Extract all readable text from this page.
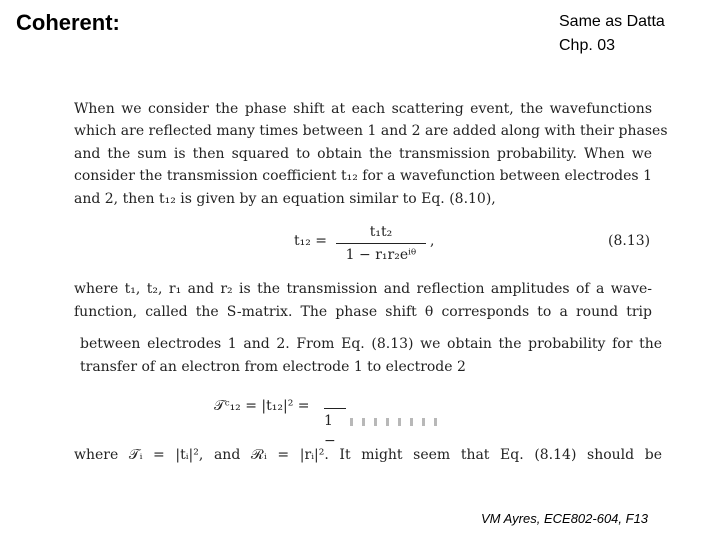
Coherent:	Same as Datta
Chp. 03
When we consider the phase shift at each scattering event, the wavefunctions
which are reflected many times between 1 and 2 are added along with their phases
and the sum is then squared to obtain the transmission probability. When we
consider the transmission coefficient t₁₂ for a wavefunction between electrodes 1
and 2, then t₁₂ is given by an equation similar to Eq. (8.10),
t₁₂ =
t₁t₂
1 − r₁r₂eⁱᶿ
,	(8.13)
where t₁, t₂, r₁ and r₂ is the transmission and reflection amplitudes of a wave-
function, called the S-matrix. The phase shift θ corresponds to a round trip
between electrodes 1 and 2. From Eq. (8.13) we obtain the probability for the
transfer of an electron from electrode 1 to electrode 2
𝒯ᶜ₁₂ = |t₁₂|² =
1 −
where 𝒯ᵢ = |tᵢ|², and ℛᵢ = |rᵢ|². It might seem that Eq. (8.14) should be
VM Ayres, ECE802-604, F13
